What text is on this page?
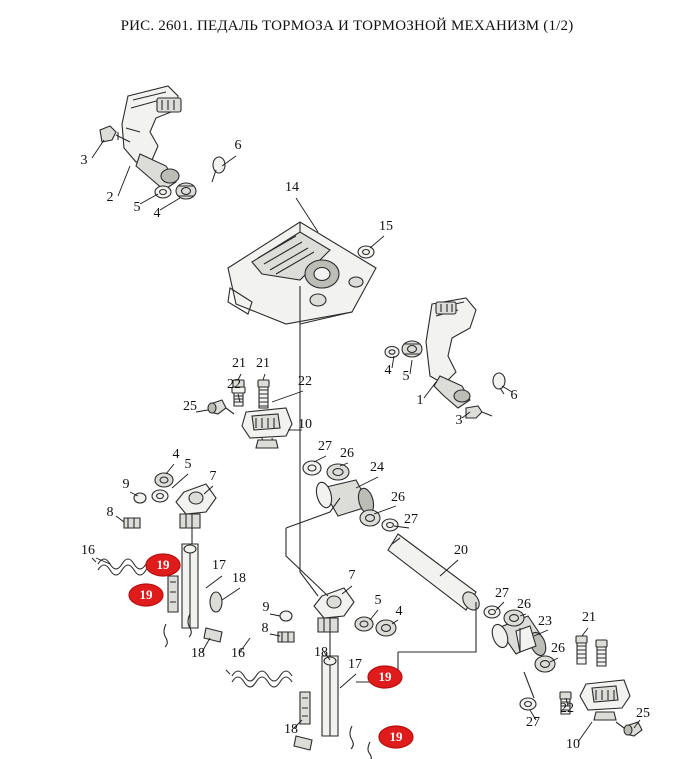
РИС. 2601. ПЕДАЛЬ ТОРМОЗА И ТОРМОЗНОЙ МЕХАНИЗМ (1/2)
3
2
5 4
6
14
15
4 5
1
3
6
21 21
22	22
25
10
27 26
24
26
27
20
4
5
7
9
8
16
19
19
17
18
18 16
9
8
7
5
4
18
17
19
18	19
27
26
23 21
26
22
27
25
10
